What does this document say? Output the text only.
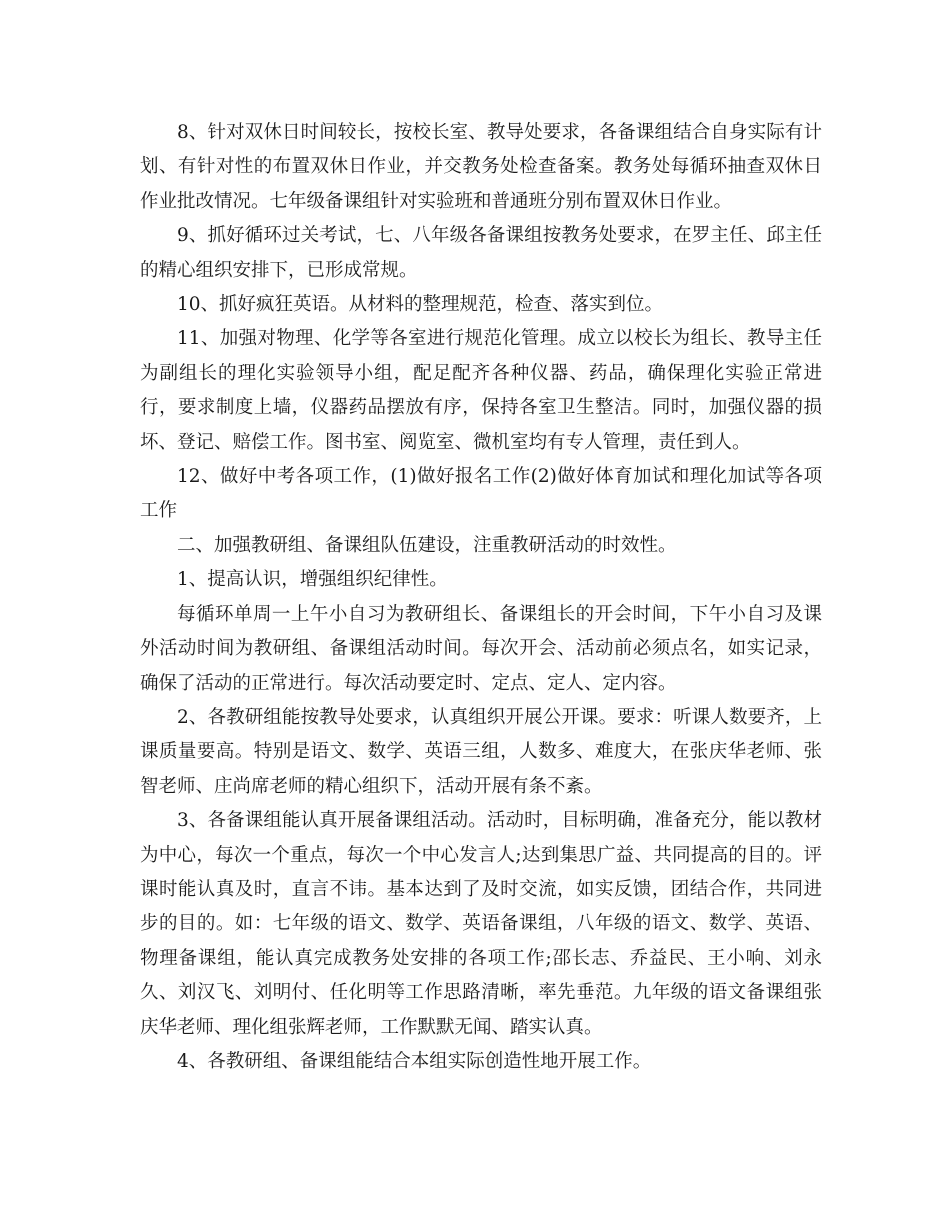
8、针对双休日时间较长，按校长室、教导处要求，各备课组结合自身实际有计划、有针对性的布置双休日作业，并交教务处检查备案。教务处每循环抽查双休日作业批改情况。七年级备课组针对实验班和普通班分别布置双休日作业。

9、抓好循环过关考试，七、八年级各备课组按教务处要求，在罗主任、邱主任的精心组织安排下，已形成常规。

10、抓好疯狂英语。从材料的整理规范，检查、落实到位。

11、加强对物理、化学等各室进行规范化管理。成立以校长为组长、教导主任为副组长的理化实验领导小组，配足配齐各种仪器、药品，确保理化实验正常进行，要求制度上墙，仪器药品摆放有序，保持各室卫生整洁。同时，加强仪器的损坏、登记、赔偿工作。图书室、阅览室、微机室均有专人管理，责任到人。

12、做好中考各项工作，(1)做好报名工作(2)做好体育加试和理化加试等各项工作

二、加强教研组、备课组队伍建设，注重教研活动的时效性。

1、提高认识，增强组织纪律性。

每循环单周一上午小自习为教研组长、备课组长的开会时间，下午小自习及课外活动时间为教研组、备课组活动时间。每次开会、活动前必须点名，如实记录，确保了活动的正常进行。每次活动要定时、定点、定人、定内容。

2、各教研组能按教导处要求，认真组织开展公开课。要求：听课人数要齐，上课质量要高。特别是语文、数学、英语三组，人数多、难度大，在张庆华老师、张智老师、庄尚席老师的精心组织下，活动开展有条不紊。

3、各备课组能认真开展备课组活动。活动时，目标明确，准备充分，能以教材为中心，每次一个重点，每次一个中心发言人;达到集思广益、共同提高的目的。评课时能认真及时，直言不讳。基本达到了及时交流，如实反馈，团结合作，共同进步的目的。如：七年级的语文、数学、英语备课组，八年级的语文、数学、英语、物理备课组，能认真完成教务处安排的各项工作;邵长志、乔益民、王小响、刘永久、刘汉飞、刘明付、任化明等工作思路清晰，率先垂范。九年级的语文备课组张庆华老师、理化组张辉老师，工作默默无闻、踏实认真。

4、各教研组、备课组能结合本组实际创造性地开展工作。
